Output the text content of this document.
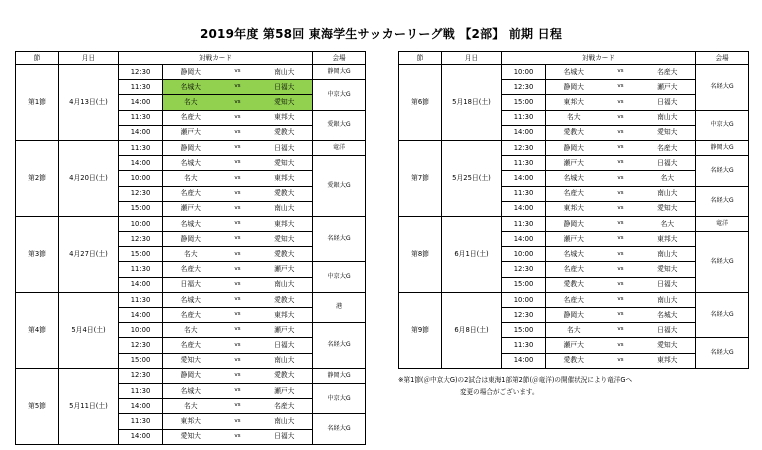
2019年度 第58回 東海学生サッカーリーグ戦 【2部】 前期 日程
節	月日	対戦カード				会場
第1節	4月13日(土)	12:30	静岡大	vs	南山大	静岡大G
		11:30	名城大	vs	日福大	中京大G
		14:00	名大	vs	愛知大	
		11:30	名産大	vs	東邦大	愛銀大G
		14:00	瀬戸大	vs	愛教大	
第2節	4月20日(土)	11:30	静岡大	vs	日福大	竜洋
		14:00	名城大	vs	愛知大	愛銀大G
		10:00	名大	vs	東邦大	
		12:30	名産大	vs	愛教大	
		15:00	瀬戸大	vs	南山大	
第3節	4月27日(土)	10:00	名城大	vs	東邦大	名経大G
		12:30	静岡大	vs	愛知大	
		15:00	名大	vs	愛教大	
		11:30	名産大	vs	瀬戸大	中京大G
		14:00	日福大	vs	南山大	
第4節	5月4日(土)	11:30	名城大	vs	愛教大	港
		14:00	名産大	vs	東邦大	
		10:00	名大	vs	瀬戸大	名経大G
		12:30	名産大	vs	日福大	
		15:00	愛知大	vs	南山大	
第5節	5月11日(土)	12:30	静岡大	vs	愛教大	静岡大G
		11:30	名城大	vs	瀬戸大	中京大G
		14:00	名大	vs	名産大	
		11:30	東邦大	vs	南山大	名経大G
		14:00	愛知大	vs	日福大	
節	月日	対戦カード				会場
第6節	5月18日(土)	10:00	名城大	vs	名産大	名経大G
		12:30	静岡大	vs	瀬戸大	
		15:00	東邦大	vs	日福大	
		11:30	名大	vs	南山大	中京大G
		14:00	愛教大	vs	愛知大	
第7節	5月25日(土)	12:30	静岡大	vs	名産大	静岡大G
		11:30	瀬戸大	vs	日福大	名経大G
		14:00	名城大	vs	名大	
		11:30	名産大	vs	南山大	名経大G
		14:00	東邦大	vs	愛知大	
第8節	6月1日(土)	11:30	静岡大	vs	名大	竜洋
		14:00	瀬戸大	vs	東邦大	名経大G
		10:00	名城大	vs	南山大	
		12:30	名産大	vs	愛知大	
		15:00	愛教大	vs	日福大	
第9節	6月8日(土)	10:00	名産大	vs	南山大	名経大G
		12:30	静岡大	vs	名城大	
		15:00	名大	vs	日福大	
		11:30	瀬戸大	vs	愛知大	名経大G
		14:00	愛教大	vs	東邦大	
※第1節(＠中京大G)の2試合は東海1部第2節(＠竜洋)の開催状況により竜洋Gへ
変更の場合がございます。
